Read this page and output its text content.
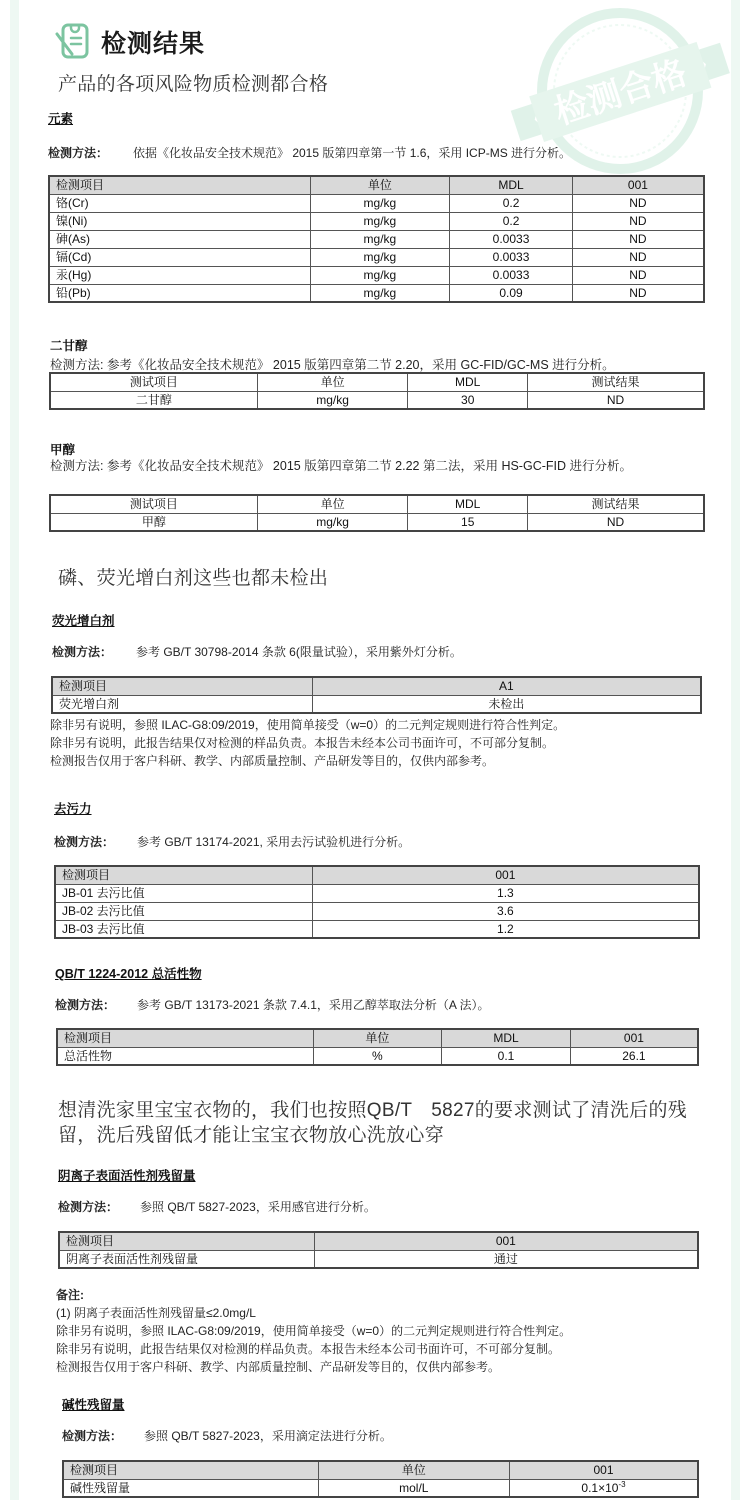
检测结果
检测合格
产品的各项风险物质检测都合格
元素
检测方法： 依据《化妆品安全技术规范》 2015 版第四章第一节 1.6，采用 ICP-MS 进行分析。
检测项目	单位	MDL	001
铬(Cr)	mg/kg	0.2	ND
镍(Ni)	mg/kg	0.2	ND
砷(As)	mg/kg	0.0033	ND
镉(Cd)	mg/kg	0.0033	ND
汞(Hg)	mg/kg	0.0033	ND
铅(Pb)	mg/kg	0.09	ND
二甘醇
检测方法: 参考《化妆品安全技术规范》 2015 版第四章第二节 2.20，采用 GC-FID/GC-MS 进行分析。
测试项目	单位	MDL	测试结果
二甘醇	mg/kg	30	ND
甲醇
检测方法: 参考《化妆品安全技术规范》 2015 版第四章第二节 2.22 第二法，采用 HS-GC-FID 进行分析。
测试项目	单位	MDL	测试结果
甲醇	mg/kg	15	ND
磷、荧光增白剂这些也都未检出
荧光增白剂
检测方法： 参考 GB/T 30798-2014 条款 6(限量试验），采用紫外灯分析。
检测项目	A1
荧光增白剂	未检出
除非另有说明，参照 ILAC-G8:09/2019，使用简单接受（w=0）的二元判定规则进行符合性判定。
除非另有说明，此报告结果仅对检测的样品负责。本报告未经本公司书面许可，不可部分复制。
检测报告仅用于客户科研、教学、内部质量控制、产品研发等目的，仅供内部参考。
去污力
检测方法： 参考 GB/T 13174-2021, 采用去污试验机进行分析。
检测项目	001
JB-01 去污比值	1.3
JB-02 去污比值	3.6
JB-03 去污比值	1.2
QB/T 1224-2012 总活性物
检测方法： 参考 GB/T 13173-2021 条款 7.4.1，采用乙醇萃取法分析（A 法）。
检测项目	单位	MDL	001
总活性物	%	0.1	26.1
想清洗家里宝宝衣物的，我们也按照QB/T　5827的要求测试了清洗后的残留，洗后残留低才能让宝宝衣物放心洗放心穿
阴离子表面活性剂残留量
检测方法： 参照 QB/T 5827-2023，采用感官进行分析。
检测项目	001
阴离子表面活性剂残留量	通过
备注:
(1) 阴离子表面活性剂残留量≤2.0mg/L
除非另有说明，参照 ILAC-G8:09/2019，使用简单接受（w=0）的二元判定规则进行符合性判定。
除非另有说明，此报告结果仅对检测的样品负责。本报告未经本公司书面许可，不可部分复制。
检测报告仅用于客户科研、教学、内部质量控制、产品研发等目的，仅供内部参考。
碱性残留量
检测方法： 参照 QB/T 5827-2023，采用滴定法进行分析。
检测项目	单位	001
碱性残留量	mol/L	$0.1\times 10^{-3}$
